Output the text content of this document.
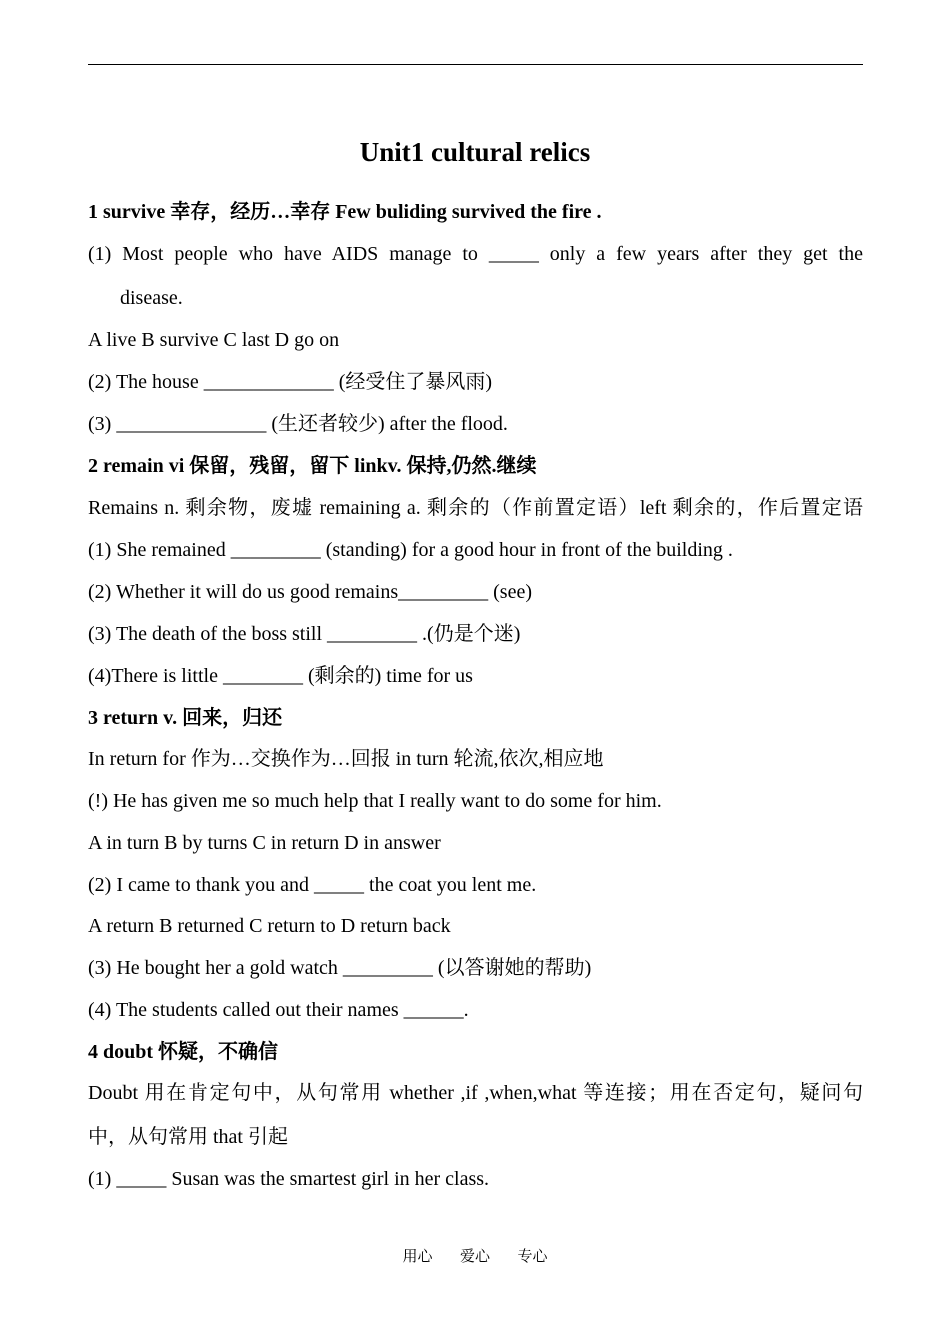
Unit1 cultural relics
1 survive 幸存，经历…幸存 Few buliding survived the fire .
(1) Most people who have AIDS manage to _____ only a few years after they get the
disease.
A live B survive C last D go on
(2) The house _____________ (经受住了暴风雨)
(3) _______________ (生还者较少) after the flood.
2 remain vi 保留，残留，留下 linkv. 保持,仍然.继续
Remains n. 剩余物，废墟 remaining a. 剩余的（作前置定语）left 剩余的，作后置定语
(1) She remained _________ (standing) for a good hour in front of the building .
(2) Whether it will do us good remains_________ (see)
(3) The death of the boss still _________ .(仍是个迷)
(4)There is little ________ (剩余的) time for us
3 return v. 回来，归还
In return for 作为…交换作为…回报 in turn 轮流,依次,相应地
(!) He has given me so much help that I really want to do some for him.
A in turn B by turns C in return D in answer
(2) I came to thank you and _____ the coat you lent me.
A return B returned C return to D return back
(3) He bought her a gold watch _________ (以答谢她的帮助)
(4) The students called out their names ______.
4 doubt 怀疑，不确信
Doubt 用在肯定句中，从句常用 whether ,if ,when,what 等连接；用在否定句，疑问句
中，从句常用 that 引起
(1) _____ Susan was the smartest girl in her class.
用心  爱心  专心
